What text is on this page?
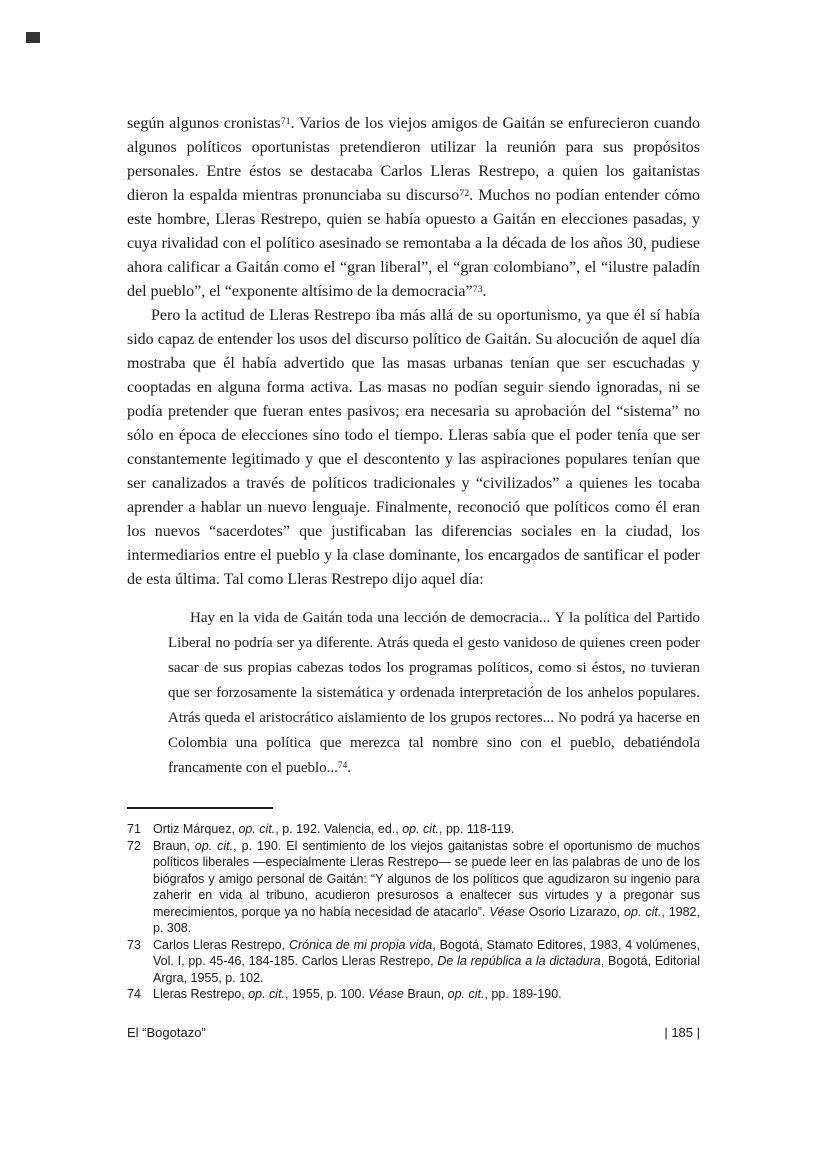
según algunos cronistas$^{71}$. Varios de los viejos amigos de Gaitán se enfurecieron cuando algunos políticos oportunistas pretendieron utilizar la reunión para sus propósitos personales. Entre éstos se destacaba Carlos Lleras Restrepo, a quien los gaitanistas dieron la espalda mientras pronunciaba su discurso$^{72}$. Muchos no podían entender cómo este hombre, Lleras Restrepo, quien se había opuesto a Gaitán en elecciones pasadas, y cuya rivalidad con el político asesinado se remontaba a la década de los años 30, pudiese ahora calificar a Gaitán como el “gran liberal”, el “gran colombiano”, el “ilustre paladín del pueblo”, el “exponente altísimo de la democracia”$^{73}$.

Pero la actitud de Lleras Restrepo iba más allá de su oportunismo, ya que él sí había sido capaz de entender los usos del discurso político de Gaitán. Su alocución de aquel día mostraba que él había advertido que las masas urbanas tenían que ser escuchadas y cooptadas en alguna forma activa. Las masas no podían seguir siendo ignoradas, ni se podía pretender que fueran entes pasivos; era necesaria su aprobación del “sistema” no sólo en época de elecciones sino todo el tiempo. Lleras sabía que el poder tenía que ser constantemente legitimado y que el descontento y las aspiraciones populares tenían que ser canalizados a través de políticos tradicionales y “civilizados” a quienes les tocaba aprender a hablar un nuevo lenguaje. Finalmente, reconoció que políticos como él eran los nuevos “sacerdotes” que justificaban las diferencias sociales en la ciudad, los intermediarios entre el pueblo y la clase dominante, los encargados de santificar el poder de esta última. Tal como Lleras Restrepo dijo aquel día:

Hay en la vida de Gaitán toda una lección de democracia... Y la política del Partido Liberal no podría ser ya diferente. Atrás queda el gesto vanidoso de quienes creen poder sacar de sus propias cabezas todos los programas políticos, como si éstos, no tuvieran que ser forzosamente la sistemática y ordenada interpretación de los anhelos populares. Atrás queda el aristocrático aislamiento de los grupos rectores... No podrá ya hacerse en Colombia una política que merezca tal nombre sino con el pueblo, debatiéndola francamente con el pueblo...$^{74}$.
71 Ortiz Márquez, op. cit., p. 192. Valencia, ed., op. cit., pp. 118-119.
72 Braun, op. cit., p. 190. El sentimiento de los viejos gaitanistas sobre el oportunismo de muchos políticos liberales —especialmente Lleras Restrepo— se puede leer en las palabras de uno de los biógrafos y amigo personal de Gaitán: “Y algunos de los políticos que agudizaron su ingenio para zaherir en vida al tribuno, acudieron presurosos a enaltecer sus virtudes y a pregonar sus merecimientos, porque ya no había necesidad de atacarlo”. Véase Osorio Lizarazo, op. cit., 1982, p. 308.
73 Carlos Lleras Restrepo, Crónica de mi propia vida, Bogotá, Stamato Editores, 1983, 4 volúmenes, Vol. I, pp. 45-46, 184-185. Carlos Lleras Restrepo, De la república a la dictadura, Bogotá, Editorial Argra, 1955, p. 102.
74 Lleras Restrepo, op. cit., 1955, p. 100. Véase Braun, op. cit., pp. 189-190.
El “Bogotazo”	| 185 |
